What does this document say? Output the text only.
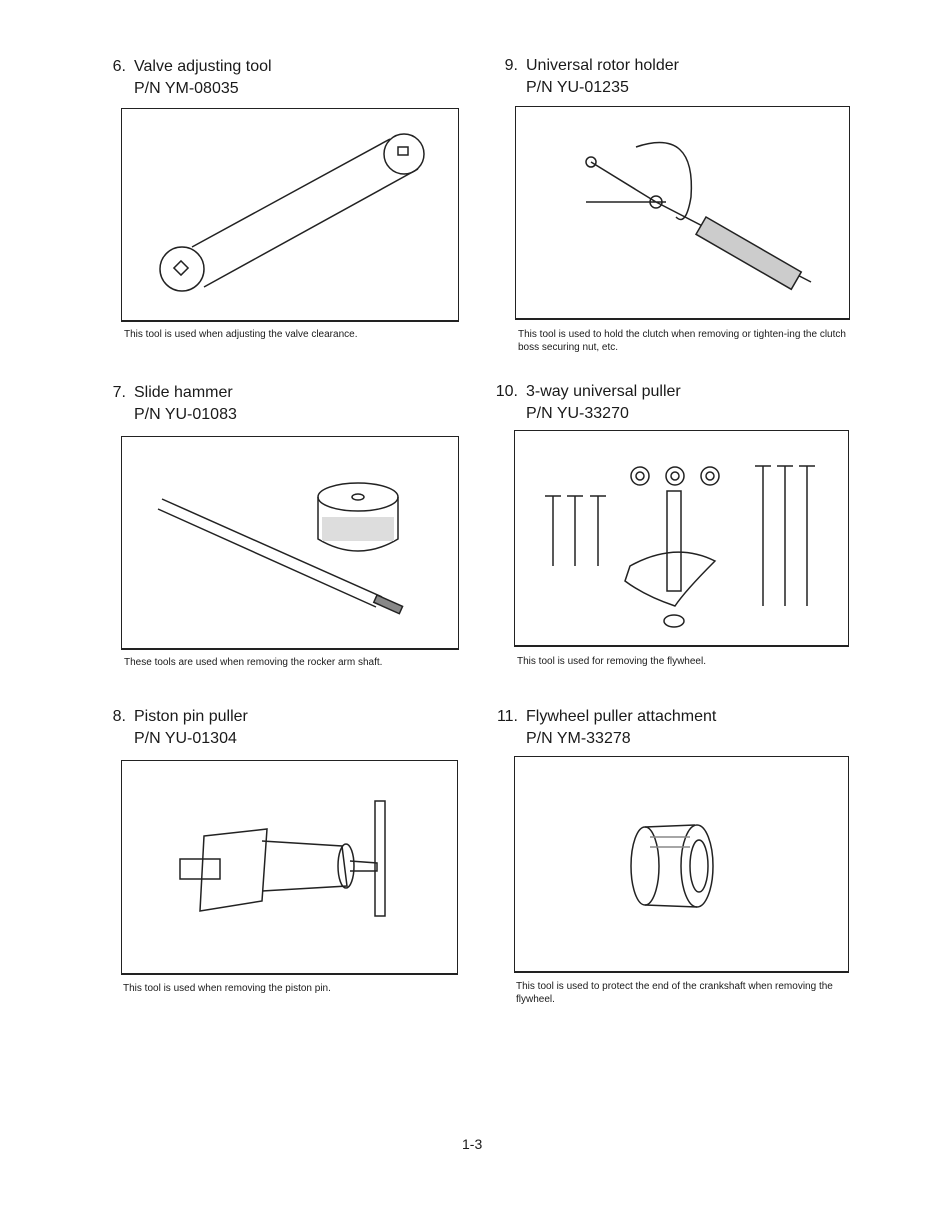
6. Valve adjusting tool

P/N YM-08035
This tool is used when adjusting the valve clearance.

9. Universal rotor holder

P/N YU-01235
This tool is used to hold the clutch when removing or tighten-ing the clutch boss securing nut, etc.

7. Slide hammer

P/N YU-01083
These tools are used when removing the rocker arm shaft.

10. 3-way universal puller

P/N YU-33270
This tool is used for removing the flywheel.

8. Piston pin puller

P/N YU-01304
This tool is used when removing the piston pin.

11. Flywheel puller attachment

P/N YM-33278
This tool is used to protect the end of the crankshaft when removing the flywheel.
1-3
